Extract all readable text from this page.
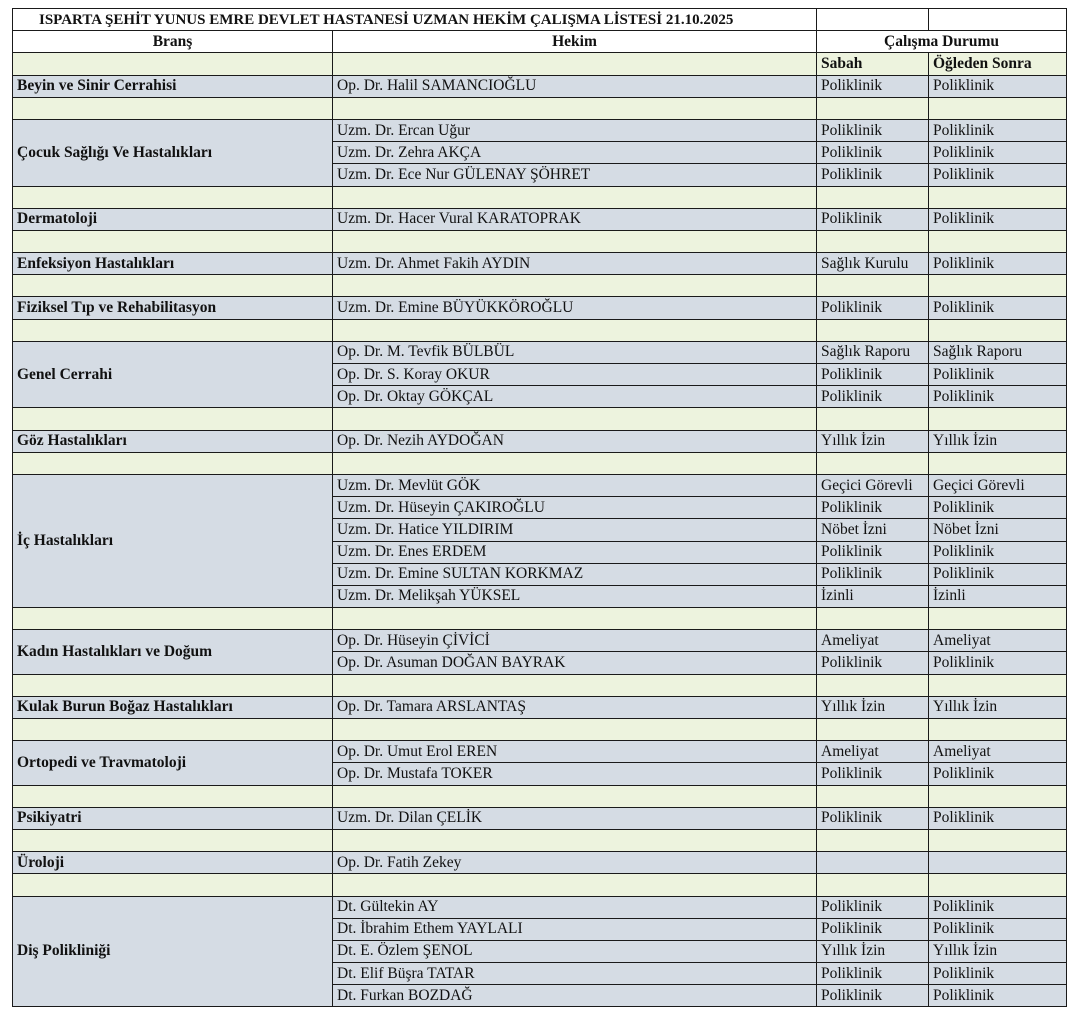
ISPARTA ŞEHİT YUNUS EMRE DEVLET HASTANESİ UZMAN HEKİM ÇALIŞMA LİSTESİ 21.10.2025			
Branş	Hekim	Çalışma Durumu	
		Sabah	Öğleden Sonra
Beyin ve Sinir Cerrahisi	Op. Dr. Halil SAMANCIOĞLU	Poliklinik	Poliklinik

Çocuk Sağlığı Ve Hastalıkları	Uzm. Dr. Ercan Uğur	Poliklinik	Poliklinik
	Uzm. Dr. Zehra AKÇA	Poliklinik	Poliklinik
	Uzm. Dr. Ece Nur GÜLENAY ŞÖHRET	Poliklinik	Poliklinik

Dermatoloji	Uzm. Dr. Hacer Vural KARATOPRAK	Poliklinik	Poliklinik

Enfeksiyon Hastalıkları	Uzm. Dr. Ahmet Fakih AYDIN	Sağlık Kurulu	Poliklinik

Fiziksel Tıp ve Rehabilitasyon	Uzm. Dr. Emine BÜYÜKKÖROĞLU	Poliklinik	Poliklinik

Genel Cerrahi	Op. Dr. M. Tevfik BÜLBÜL	Sağlık Raporu	Sağlık Raporu
	Op. Dr. S. Koray OKUR	Poliklinik	Poliklinik
	Op. Dr. Oktay GÖKÇAL	Poliklinik	Poliklinik

Göz Hastalıkları	Op. Dr. Nezih AYDOĞAN	Yıllık İzin	Yıllık İzin

İç Hastalıkları	Uzm. Dr. Mevlüt GÖK	Geçici Görevli	Geçici Görevli
	Uzm. Dr. Hüseyin ÇAKIROĞLU	Poliklinik	Poliklinik
	Uzm. Dr. Hatice YILDIRIM	Nöbet İzni	Nöbet İzni
	Uzm. Dr. Enes ERDEM	Poliklinik	Poliklinik
	Uzm. Dr. Emine SULTAN KORKMAZ	Poliklinik	Poliklinik
	Uzm. Dr. Melikşah YÜKSEL	İzinli	İzinli

Kadın Hastalıkları ve Doğum	Op. Dr. Hüseyin ÇİVİCİ	Ameliyat	Ameliyat
	Op. Dr. Asuman DOĞAN BAYRAK	Poliklinik	Poliklinik

Kulak Burun Boğaz Hastalıkları	Op. Dr. Tamara ARSLANTAŞ	Yıllık İzin	Yıllık İzin

Ortopedi ve Travmatoloji	Op. Dr. Umut Erol EREN	Ameliyat	Ameliyat
	Op. Dr. Mustafa TOKER	Poliklinik	Poliklinik

Psikiyatri	Uzm. Dr. Dilan ÇELİK	Poliklinik	Poliklinik

Üroloji	Op. Dr. Fatih Zekey		

Diş Polikliniği	Dt. Gültekin AY	Poliklinik	Poliklinik
	Dt. İbrahim Ethem YAYLALI	Poliklinik	Poliklinik
	Dt. E. Özlem ŞENOL	Yıllık İzin	Yıllık İzin
	Dt. Elif Büşra TATAR	Poliklinik	Poliklinik
	Dt. Furkan BOZDAĞ	Poliklinik	Poliklinik
